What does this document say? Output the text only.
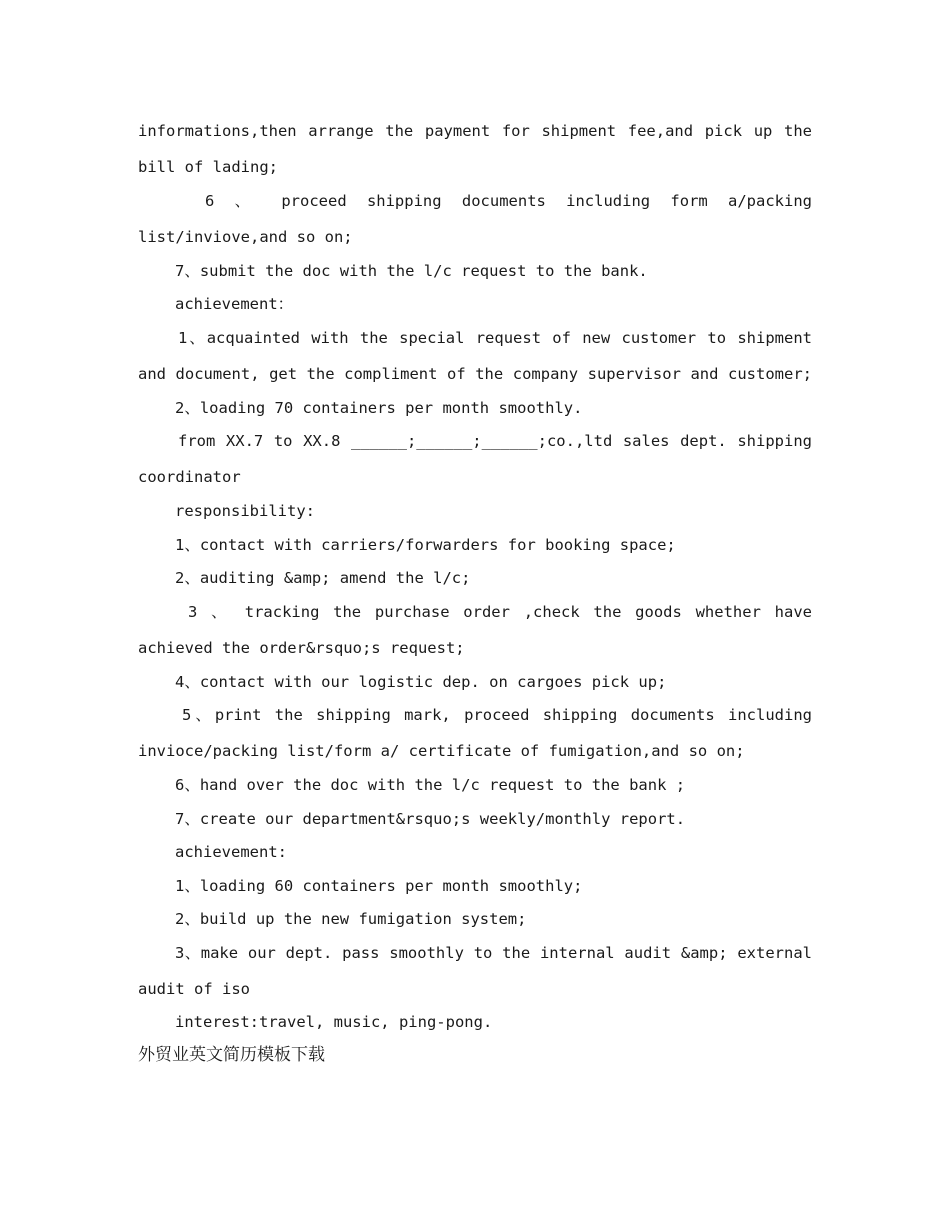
informations,then arrange the payment for shipment fee,and pick up the
bill of lading;
6 、 proceed shipping documents including form a/packing
list/inviove,and so on;
7、submit the doc with the l/c request to the bank.
achievement：
1、acquainted with the special request of new customer to shipment
and document, get the compliment of the company supervisor and customer;
2、loading 70 containers per month smoothly.
from XX.7 to XX.8 ______;______;______;co.,ltd sales dept. shipping
coordinator
responsibility:
1、contact with carriers/forwarders for booking space;
2、auditing &amp; amend the l/c;
3 、 tracking the purchase order ,check the goods whether have
achieved the order&rsquo;s request;
4、contact with our logistic dep. on cargoes pick up;
5、print the shipping mark, proceed shipping documents including
invioce/packing list/form a/ certificate of fumigation,and so on;
6、hand over the doc with the l/c request to the bank ;
7、create our department&rsquo;s weekly/monthly report.
achievement:
1、loading 60 containers per month smoothly;
2、build up the new fumigation system;
3、make our dept. pass smoothly to the internal audit &amp; external
audit of iso
interest:travel, music, ping-pong.
外贸业英文简历模板下载
